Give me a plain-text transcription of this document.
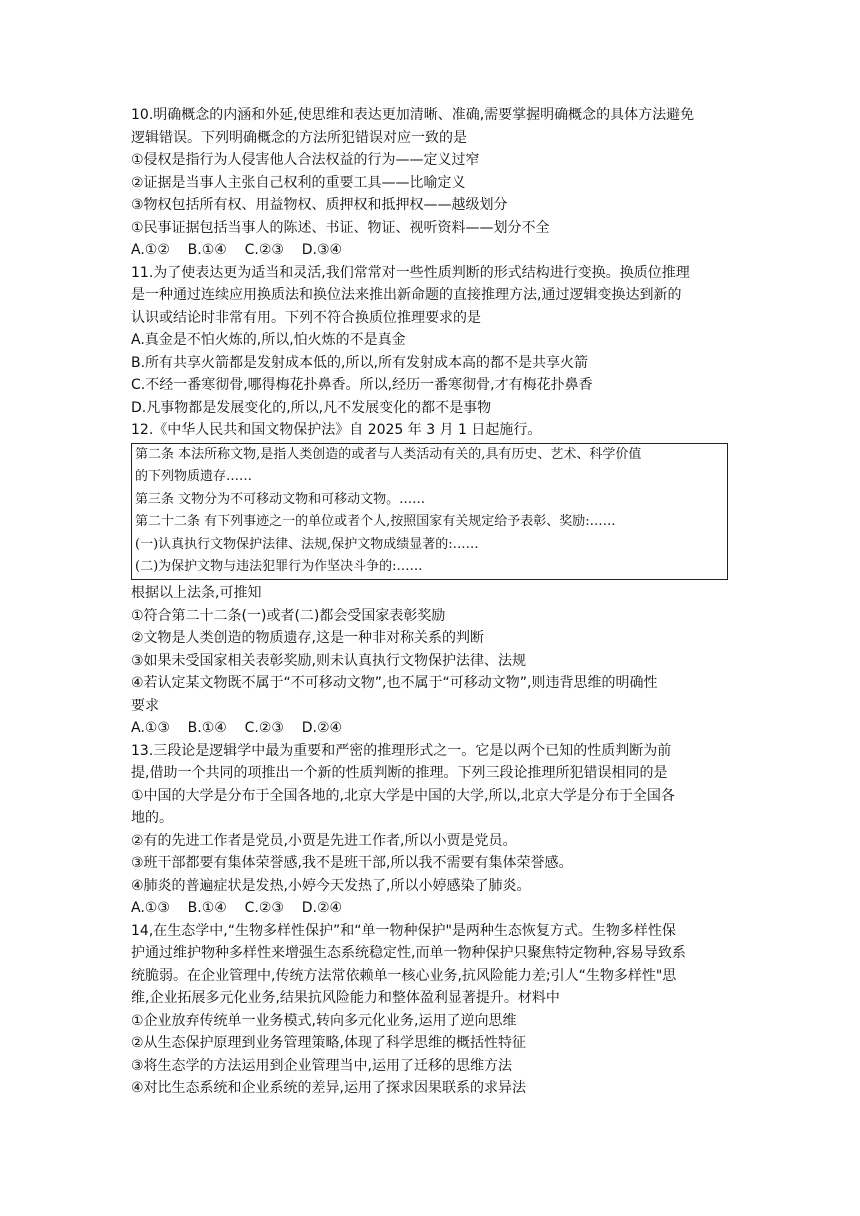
10.明确概念的内涵和外延,使思维和表达更加清晰、准确,需要掌握明确概念的具体方法避免
逻辑错误。下列明确概念的方法所犯错误对应一致的是
①侵权是指行为人侵害他人合法权益的行为——定义过窄
②证据是当事人主张自己权利的重要工具——比喻定义
③物权包括所有权、用益物权、质押权和抵押权——越级划分
①民事证据包括当事人的陈述、书证、物证、视听资料——划分不全
A.①②    B.①④    C.②③    D.③④
11.为了使表达更为适当和灵活,我们常常对一些性质判断的形式结构进行变换。换质位推理
是一种通过连续应用换质法和换位法来推出新命题的直接推理方法,通过逻辑变换达到新的
认识或结论时非常有用。下列不符合换质位推理要求的是
A.真金是不怕火炼的,所以,怕火炼的不是真金
B.所有共享火箭都是发射成本低的,所以,所有发射成本高的都不是共享火箭
C.不经一番寒彻骨,哪得梅花扑鼻香。所以,经历一番寒彻骨,才有梅花扑鼻香
D.凡事物都是发展变化的,所以,凡不发展变化的都不是事物
12.《中华人民共和国文物保护法》自 2025 年 3 月 1 日起施行。
第二条 本法所称文物,是指人类创造的或者与人类活动有关的,具有历史、艺术、科学价值
的下列物质遗存……
第三条 文物分为不可移动文物和可移动文物。……
第二十二条 有下列事迹之一的单位或者个人,按照国家有关规定给予表彰、奖励:……
(一)认真执行文物保护法律、法规,保护文物成绩显著的:……
(二)为保护文物与违法犯罪行为作坚决斗争的:……
根据以上法条,可推知
①符合第二十二条(一)或者(二)都会受国家表彰奖励
②文物是人类创造的物质遗存,这是一种非对称关系的判断
③如果未受国家相关表彰奖励,则未认真执行文物保护法律、法规
④若认定某文物既不属于“不可移动文物”,也不属于“可移动文物”,则违背思维的明确性
要求
A.①③    B.①④    C.②③    D.②④
13.三段论是逻辑学中最为重要和严密的推理形式之一。它是以两个已知的性质判断为前
提,借助一个共同的项推出一个新的性质判断的推理。下列三段论推理所犯错误相同的是
①中国的大学是分布于全国各地的,北京大学是中国的大学,所以,北京大学是分布于全国各
地的。
②有的先进工作者是党员,小贾是先进工作者,所以小贾是党员。
③班干部都要有集体荣誉感,我不是班干部,所以我不需要有集体荣誉感。
④肺炎的普遍症状是发热,小婷今天发热了,所以小婷感染了肺炎。
A.①③    B.①④    C.②③    D.②④
14,在生态学中,“生物多样性保护”和“单一物种保护"是两种生态恢复方式。生物多样性保
护通过维护物种多样性来增强生态系统稳定性,而单一物种保护只聚焦特定物种,容易导致系
统脆弱。在企业管理中,传统方法常依赖单一核心业务,抗风险能力差;引人“生物多样性"思
维,企业拓展多元化业务,结果抗风险能力和整体盈利显著提升。材料中
①企业放弃传统单一业务模式,转向多元化业务,运用了逆向思维
②从生态保护原理到业务管理策略,体现了科学思维的概括性特征
③将生态学的方法运用到企业管理当中,运用了迁移的思维方法
④对比生态系统和企业系统的差异,运用了探求因果联系的求异法
